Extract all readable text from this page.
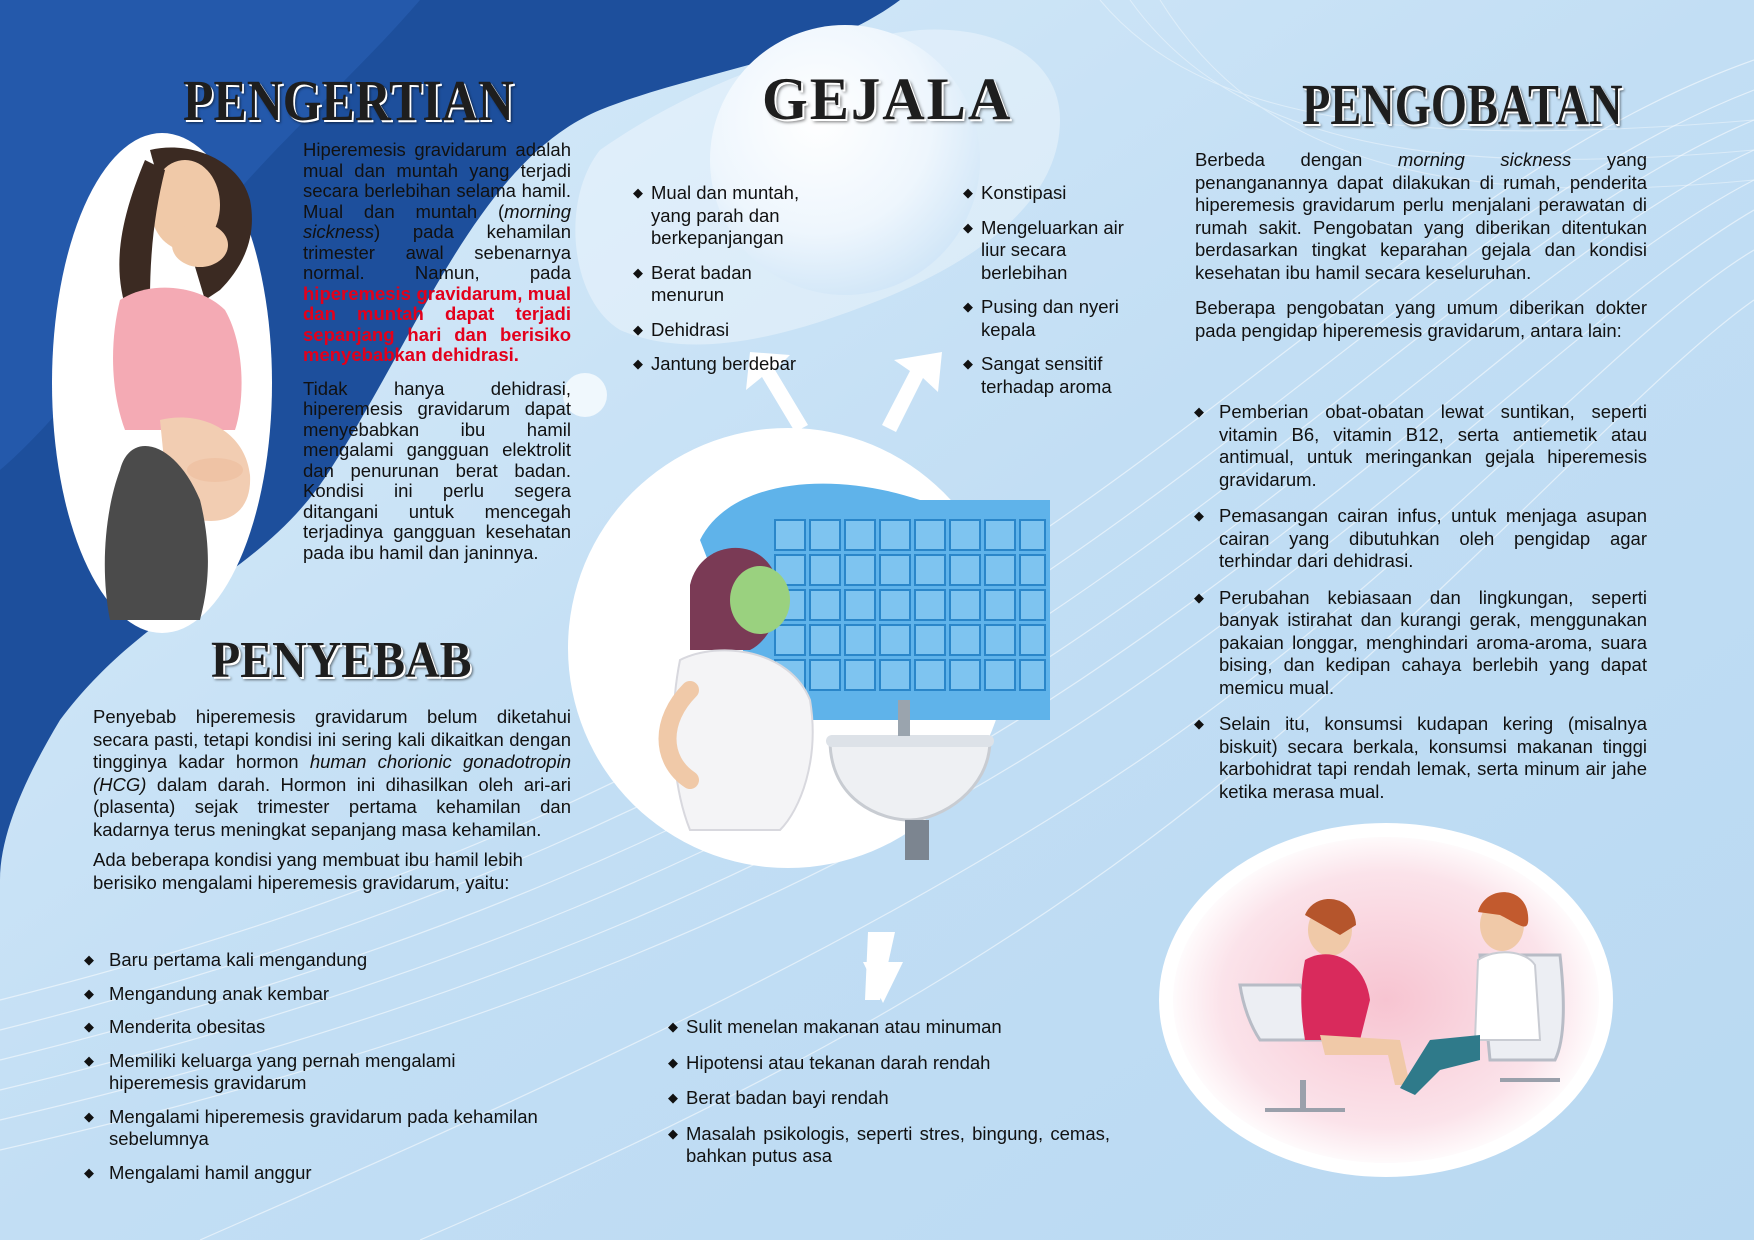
PENGERTIAN	GEJALA	PENGOBATAN
PENYEBAB

Hiperemesis gravidarum adalah mual dan muntah yang terjadi secara berlebihan selama hamil. Mual dan muntah (morning sickness) pada kehamilan trimester awal sebenarnya normal. Namun, pada hiperemesis gravidarum, mual dan muntah dapat terjadi sepanjang hari dan berisiko menyebabkan dehidrasi.

Tidak hanya dehidrasi, hiperemesis gravidarum dapat menyebabkan ibu hamil mengalami gangguan elektrolit dan penurunan berat badan. Kondisi ini perlu segera ditangani untuk mencegah terjadinya gangguan kesehatan pada ibu hamil dan janinnya.

Penyebab hiperemesis gravidarum belum diketahui secara pasti, tetapi kondisi ini sering kali dikaitkan dengan tingginya kadar hormon human chorionic gonadotropin (HCG) dalam darah. Hormon ini dihasilkan oleh ari-ari (plasenta) sejak trimester pertama kehamilan dan kadarnya terus meningkat sepanjang masa kehamilan.

Ada beberapa kondisi yang membuat ibu hamil lebih berisiko mengalami hiperemesis gravidarum, yaitu:

◆ Baru pertama kali mengandung
◆ Mengandung anak kembar
◆ Menderita obesitas
◆ Memiliki keluarga yang pernah mengalami hiperemesis gravidarum
◆ Mengalami hiperemesis gravidarum pada kehamilan sebelumnya
◆ Mengalami hamil anggur
◆ Mual dan muntah, yang parah dan berkepanjangan
◆ Berat badan menurun
◆ Dehidrasi
◆ Jantung berdebar
◆ Konstipasi
◆ Mengeluarkan air liur secara berlebihan
◆ Pusing dan nyeri kepala
◆ Sangat sensitif terhadap aroma
◆ Sulit menelan makanan atau minuman
◆ Hipotensi atau tekanan darah rendah
◆ Berat badan bayi rendah
◆ Masalah psikologis, seperti stres, bingung, cemas, bahkan putus asa

Berbeda dengan morning sickness yang penanganannya dapat dilakukan di rumah, penderita hiperemesis gravidarum perlu menjalani perawatan di rumah sakit. Pengobatan yang diberikan ditentukan berdasarkan tingkat keparahan gejala dan kondisi kesehatan ibu hamil secara keseluruhan.

Beberapa pengobatan yang umum diberikan dokter pada pengidap hiperemesis gravidarum, antara lain:

◆ Pemberian obat-obatan lewat suntikan, seperti vitamin B6, vitamin B12, serta antiemetik atau antimual, untuk meringankan gejala hiperemesis gravidarum.
◆ Pemasangan cairan infus, untuk menjaga asupan cairan yang dibutuhkan oleh pengidap agar terhindar dari dehidrasi.
◆ Perubahan kebiasaan dan lingkungan, seperti banyak istirahat dan kurangi gerak, menggunakan pakaian longgar, menghindari aroma-aroma, suara bising, dan kedipan cahaya berlebih yang dapat memicu mual.
◆ Selain itu, konsumsi kudapan kering (misalnya biskuit) secara berkala, konsumsi makanan tinggi karbohidrat tapi rendah lemak, serta minum air jahe ketika merasa mual.
